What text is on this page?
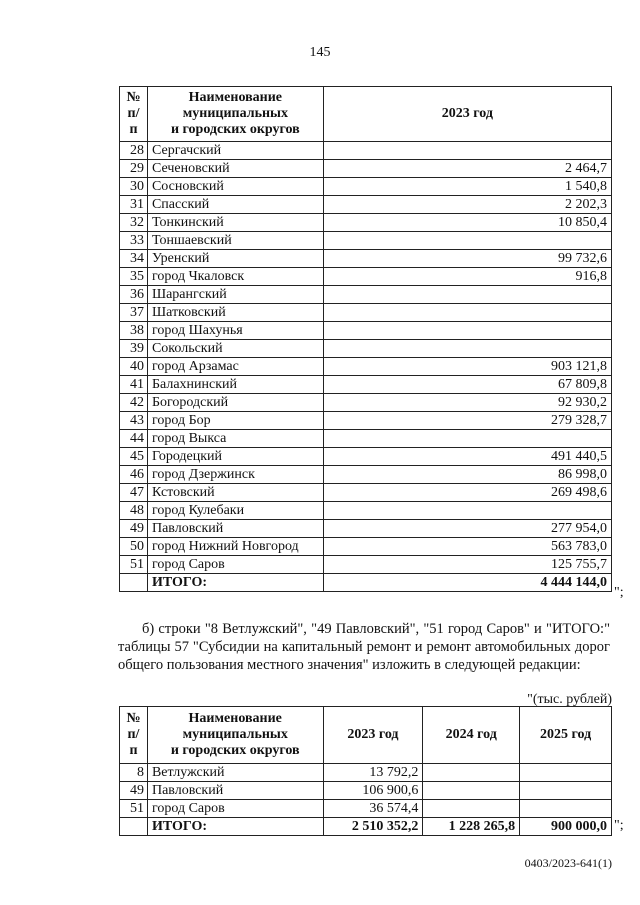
145
№
п/п	Наименование
муниципальных
и городских округов	2023 год
28	Сергачский	
29	Сеченовский	2 464,7
30	Сосновский	1 540,8
31	Спасский	2 202,3
32	Тонкинский	10 850,4
33	Тоншаевский	
34	Уренский	99 732,6
35	город Чкаловск	916,8
36	Шарангский	
37	Шатковский	
38	город Шахунья	
39	Сокольский	
40	город Арзамас	903 121,8
41	Балахнинский	67 809,8
42	Богородский	92 930,2
43	город Бор	279 328,7
44	город Выкса	
45	Городецкий	491 440,5
46	город Дзержинск	86 998,0
47	Кстовский	269 498,6
48	город Кулебаки	
49	Павловский	277 954,0
50	город Нижний Новгород	563 783,0
51	город Саров	125 755,7
	ИТОГО:	4 444 144,0
";
б) строки "8 Ветлужский", "49 Павловский", "51 город Саров" и "ИТОГО:" таблицы 57 "Субсидии на капитальный ремонт и ремонт автомобильных дорог общего пользования местного значения" изложить в следующей редакции:
"(тыс. рублей)
№
п/п	Наименование
муниципальных
и городских округов	2023 год	2024 год	2025 год
8	Ветлужский	13 792,2		
49	Павловский	106 900,6		
51	город Саров	36 574,4		
	ИТОГО:	2 510 352,2	1 228 265,8	900 000,0 ";
0403/2023-641(1)
